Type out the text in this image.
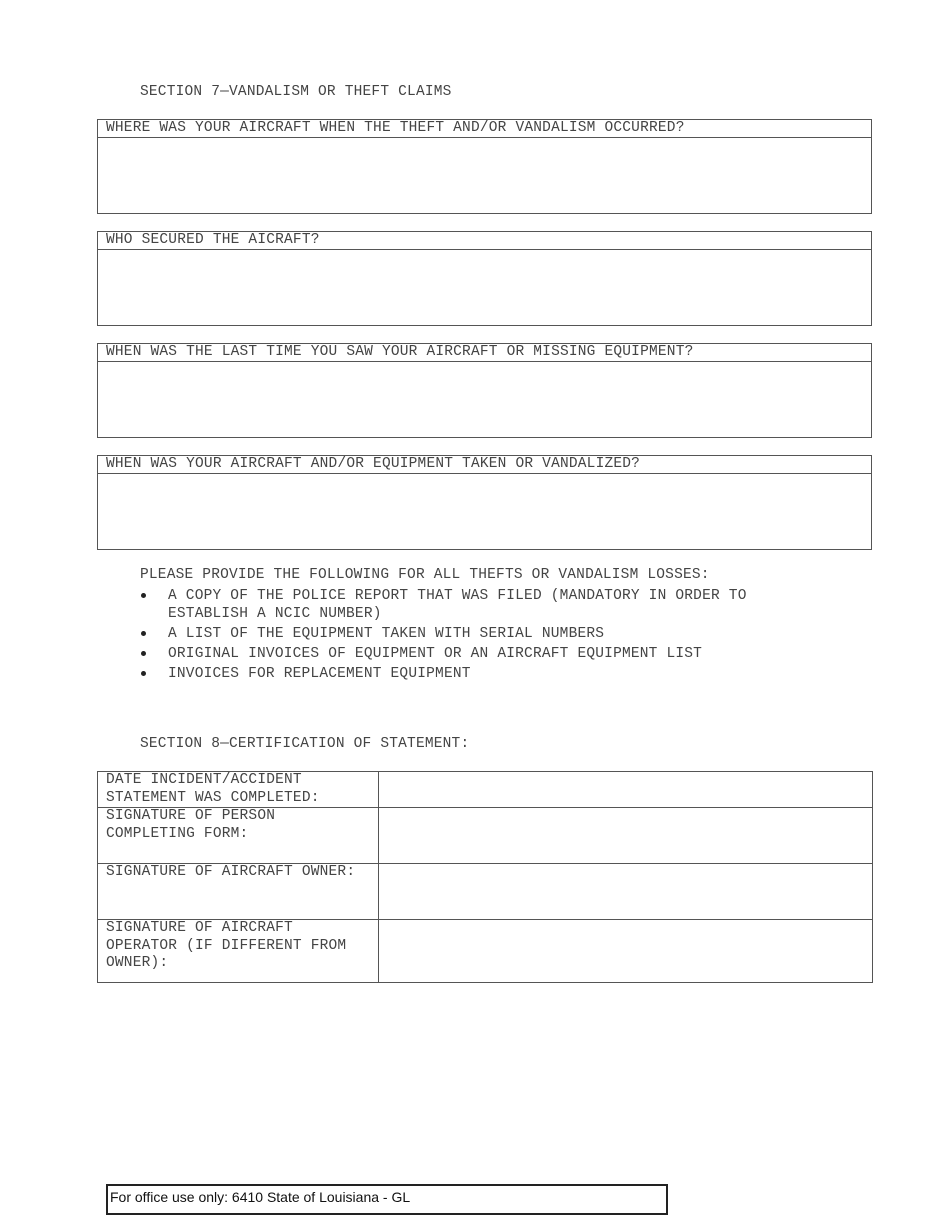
SECTION 7—VANDALISM OR THEFT CLAIMS
WHERE WAS YOUR AIRCRAFT WHEN THE THEFT AND/OR VANDALISM OCCURRED?
WHO SECURED THE AICRAFT?
WHEN WAS THE LAST TIME YOU SAW YOUR AIRCRAFT OR MISSING EQUIPMENT?
WHEN WAS YOUR AIRCRAFT AND/OR EQUIPMENT TAKEN OR VANDALIZED?

PLEASE PROVIDE THE FOLLOWING FOR ALL THEFTS OR VANDALISM LOSSES:

A COPY OF THE POLICE REPORT THAT WAS FILED (MANDATORY IN ORDER TO ESTABLISH A NCIC NUMBER)
A LIST OF THE EQUIPMENT TAKEN WITH SERIAL NUMBERS
ORIGINAL INVOICES OF EQUIPMENT OR AN AIRCRAFT EQUIPMENT LIST
INVOICES FOR REPLACEMENT EQUIPMENT
SECTION 8—CERTIFICATION OF STATEMENT:
DATE INCIDENT/ACCIDENT STATEMENT WAS COMPLETED:	
SIGNATURE OF PERSON COMPLETING FORM:	
SIGNATURE OF AIRCRAFT OWNER:	
SIGNATURE OF AIRCRAFT OPERATOR (IF DIFFERENT FROM OWNER):	
For office use only: 6410 State of Louisiana - GL
